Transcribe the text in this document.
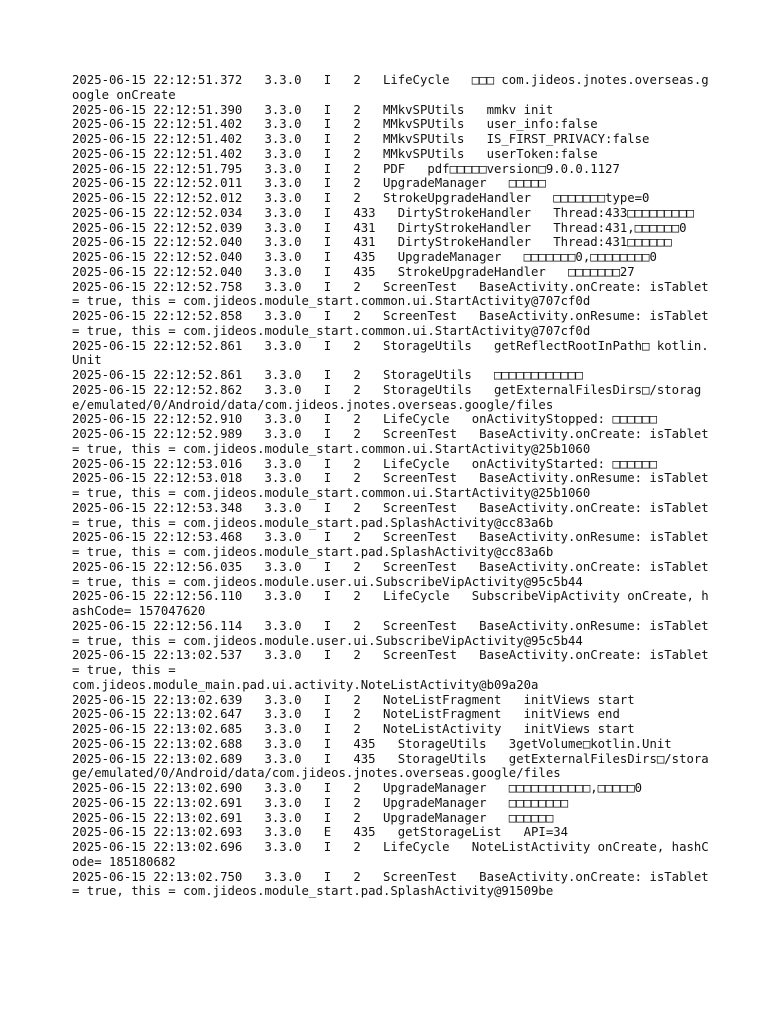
2025-06-15 22:12:51.372   3.3.0   I   2   LifeCycle   □□□ com.jideos.jnotes.overseas.google onCreate
2025-06-15 22:12:51.390   3.3.0   I   2   MMkvSPUtils   mmkv init
2025-06-15 22:12:51.402   3.3.0   I   2   MMkvSPUtils   user_info:false
2025-06-15 22:12:51.402   3.3.0   I   2   MMkvSPUtils   IS_FIRST_PRIVACY:false
2025-06-15 22:12:51.402   3.3.0   I   2   MMkvSPUtils   userToken:false
2025-06-15 22:12:51.795   3.3.0   I   2   PDF   pdf□□□□□version□9.0.0.1127
2025-06-15 22:12:52.011   3.3.0   I   2   UpgradeManager   □□□□□
2025-06-15 22:12:52.012   3.3.0   I   2   StrokeUpgradeHandler   □□□□□□□type=0
2025-06-15 22:12:52.034   3.3.0   I   433   DirtyStrokeHandler   Thread:433□□□□□□□□□
2025-06-15 22:12:52.039   3.3.0   I   431   DirtyStrokeHandler   Thread:431,□□□□□□0
2025-06-15 22:12:52.040   3.3.0   I   431   DirtyStrokeHandler   Thread:431□□□□□□
2025-06-15 22:12:52.040   3.3.0   I   435   UpgradeManager   □□□□□□□0,□□□□□□□□0
2025-06-15 22:12:52.040   3.3.0   I   435   StrokeUpgradeHandler   □□□□□□□27
2025-06-15 22:12:52.758   3.3.0   I   2   ScreenTest   BaseActivity.onCreate: isTablet = true, this = com.jideos.module_start.common.ui.StartActivity@707cf0d
2025-06-15 22:12:52.858   3.3.0   I   2   ScreenTest   BaseActivity.onResume: isTablet = true, this = com.jideos.module_start.common.ui.StartActivity@707cf0d
2025-06-15 22:12:52.861   3.3.0   I   2   StorageUtils   getReflectRootInPath□ kotlin.Unit
2025-06-15 22:12:52.861   3.3.0   I   2   StorageUtils   □□□□□□□□□□□□
2025-06-15 22:12:52.862   3.3.0   I   2   StorageUtils   getExternalFilesDirs□/storage/emulated/0/Android/data/com.jideos.jnotes.overseas.google/files
2025-06-15 22:12:52.910   3.3.0   I   2   LifeCycle   onActivityStopped: □□□□□□
2025-06-15 22:12:52.989   3.3.0   I   2   ScreenTest   BaseActivity.onCreate: isTablet = true, this = com.jideos.module_start.common.ui.StartActivity@25b1060
2025-06-15 22:12:53.016   3.3.0   I   2   LifeCycle   onActivityStarted: □□□□□□
2025-06-15 22:12:53.018   3.3.0   I   2   ScreenTest   BaseActivity.onResume: isTablet = true, this = com.jideos.module_start.common.ui.StartActivity@25b1060
2025-06-15 22:12:53.348   3.3.0   I   2   ScreenTest   BaseActivity.onCreate: isTablet = true, this = com.jideos.module_start.pad.SplashActivity@cc83a6b
2025-06-15 22:12:53.468   3.3.0   I   2   ScreenTest   BaseActivity.onResume: isTablet = true, this = com.jideos.module_start.pad.SplashActivity@cc83a6b
2025-06-15 22:12:56.035   3.3.0   I   2   ScreenTest   BaseActivity.onCreate: isTablet = true, this = com.jideos.module.user.ui.SubscribeVipActivity@95c5b44
2025-06-15 22:12:56.110   3.3.0   I   2   LifeCycle   SubscribeVipActivity onCreate, hashCode= 157047620
2025-06-15 22:12:56.114   3.3.0   I   2   ScreenTest   BaseActivity.onResume: isTablet = true, this = com.jideos.module.user.ui.SubscribeVipActivity@95c5b44
2025-06-15 22:13:02.537   3.3.0   I   2   ScreenTest   BaseActivity.onCreate: isTablet = true, this =
com.jideos.module_main.pad.ui.activity.NoteListActivity@b09a20a
2025-06-15 22:13:02.639   3.3.0   I   2   NoteListFragment   initViews start
2025-06-15 22:13:02.647   3.3.0   I   2   NoteListFragment   initViews end
2025-06-15 22:13:02.685   3.3.0   I   2   NoteListActivity   initViews start
2025-06-15 22:13:02.688   3.3.0   I   435   StorageUtils   3getVolume□kotlin.Unit
2025-06-15 22:13:02.689   3.3.0   I   435   StorageUtils   getExternalFilesDirs□/storage/emulated/0/Android/data/com.jideos.jnotes.overseas.google/files
2025-06-15 22:13:02.690   3.3.0   I   2   UpgradeManager   □□□□□□□□□□□,□□□□□0
2025-06-15 22:13:02.691   3.3.0   I   2   UpgradeManager   □□□□□□□□
2025-06-15 22:13:02.691   3.3.0   I   2   UpgradeManager   □□□□□□
2025-06-15 22:13:02.693   3.3.0   E   435   getStorageList   API=34
2025-06-15 22:13:02.696   3.3.0   I   2   LifeCycle   NoteListActivity onCreate, hashCode= 185180682
2025-06-15 22:13:02.750   3.3.0   I   2   ScreenTest   BaseActivity.onCreate: isTablet = true, this = com.jideos.module_start.pad.SplashActivity@91509be
